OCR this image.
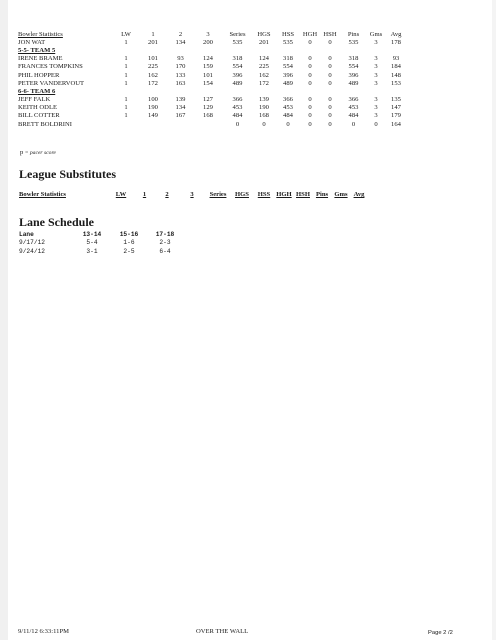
Bowler Statistics	LW	1	2	3	Series	HGS	HSS	HGH	HSH	Pins	Gms	Avg
JON WAT	1	201	134	200	535	201	535	0	0	535	3	178
5-5- TEAM 5												
IRENE BRAME	1	101	93	124	318	124	318	0	0	318	3	93
FRANCES TOMPKINS	1	225	170	159	554	225	554	0	0	554	3	184
PHIL HOPPER	1	162	133	101	396	162	396	0	0	396	3	148
PETER VANDERVOUT	1	172	163	154	489	172	489	0	0	489	3	153
6-6- TEAM 6												
JEFF FALK	1	100	139	127	366	139	366	0	0	366	3	135
KEITH ODLE	1	190	134	129	453	190	453	0	0	453	3	147
BILL COTTER	1	149	167	168	484	168	484	0	0	484	3	179
BRETT BOLDRINI					0	0	0	0	0	0	0	164
p = pacer score
League Substitutes
Bowler Statistics	LW	1	2	3	Series	HGS	HSS	HGH	HSH	Pins	Gms	Avg
Lane Schedule
Lane	13-14	15-16	17-18
9/17/12	5-4	1-6	2-3
9/24/12	3-1	2-5	6-4
9/11/12 6:33:11PM	OVER THE WALL	Page 2 /2
